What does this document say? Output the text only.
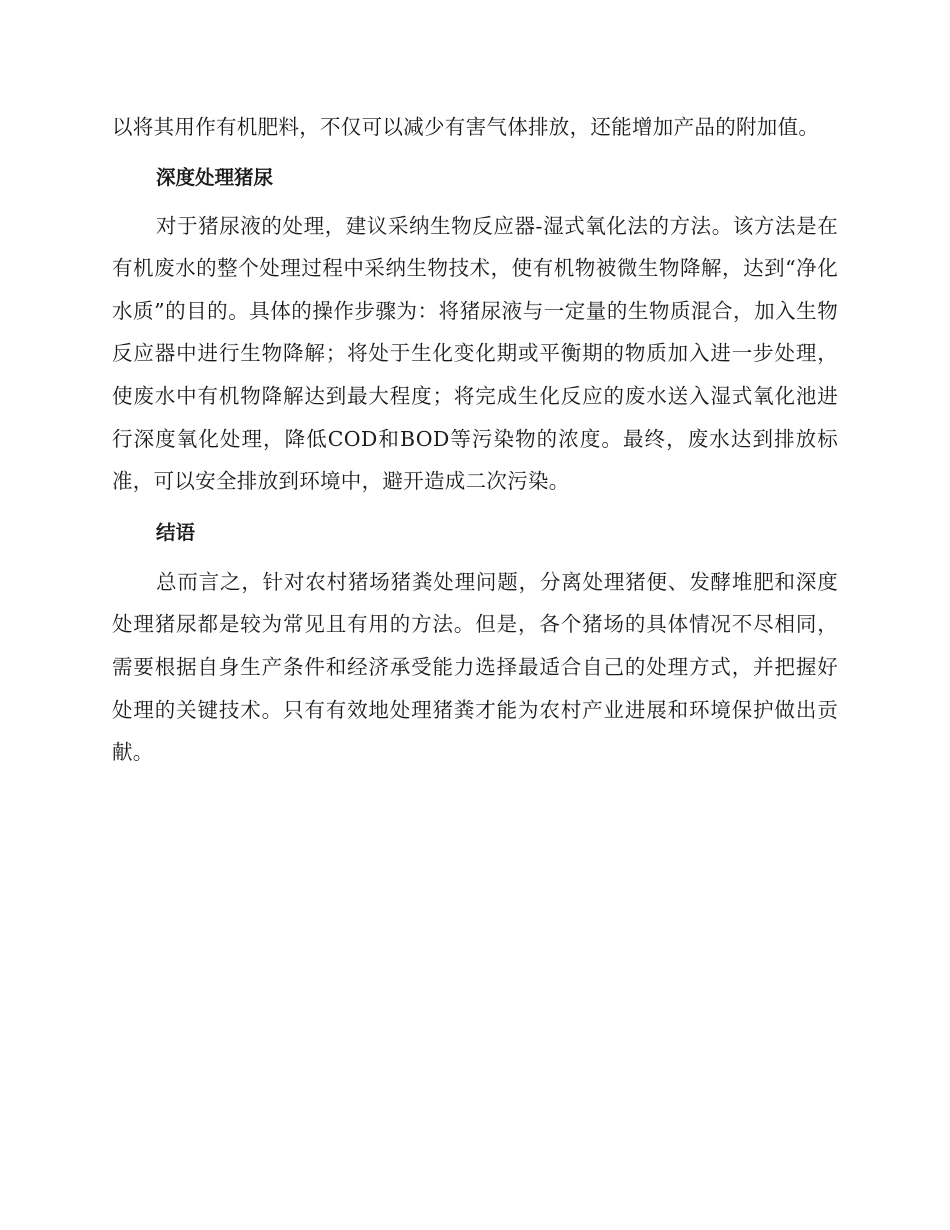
以将其用作有机肥料，不仅可以减少有害气体排放，还能增加产品的附加值。

深度处理猪尿

对于猪尿液的处理，建议采纳生物反应器-湿式氧化法的方法。该方法是在有机废水的整个处理过程中采纳生物技术，使有机物被微生物降解，达到“净化水质”的目的。具体的操作步骤为：将猪尿液与一定量的生物质混合，加入生物反应器中进行生物降解；将处于生化变化期或平衡期的物质加入进一步处理，使废水中有机物降解达到最大程度；将完成生化反应的废水送入湿式氧化池进行深度氧化处理，降低COD和BOD等污染物的浓度。最终，废水达到排放标准，可以安全排放到环境中，避开造成二次污染。

结语

总而言之，针对农村猪场猪粪处理问题，分离处理猪便、发酵堆肥和深度处理猪尿都是较为常见且有用的方法。但是，各个猪场的具体情况不尽相同，需要根据自身生产条件和经济承受能力选择最适合自己的处理方式，并把握好处理的关键技术。只有有效地处理猪粪才能为农村产业进展和环境保护做出贡献。
